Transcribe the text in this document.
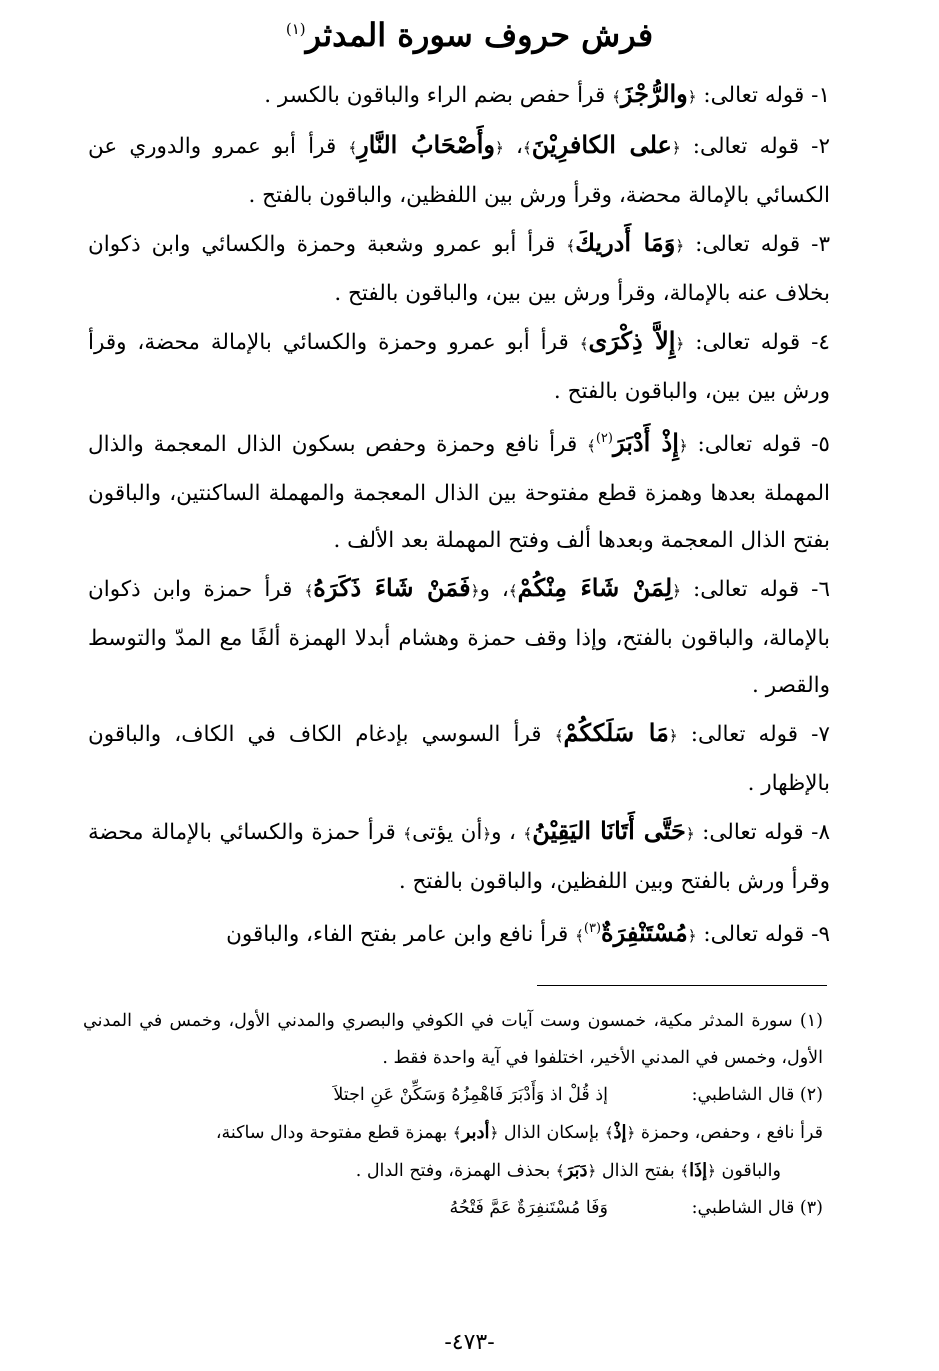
فرش حروف سورة المدثر$^{(١)}$

١- قوله تعالى: ﴿والرُّجْزَ﴾ قرأ حفص بضم الراء والباقون بالكسر .

٢- قوله تعالى: ﴿على الكافرِيْنَ﴾، ﴿وأَصْحَابُ النَّارِ﴾ قرأ أبو عمرو والدوري عن الكسائي بالإمالة محضة، وقرأ ورش بين اللفظين، والباقون بالفتح .

٣- قوله تعالى: ﴿وَمَا أَدريكَ﴾ قرأ أبو عمرو وشعبة وحمزة والكسائي وابن ذكوان بخلاف عنه بالإمالة، وقرأ ورش بين بين، والباقون بالفتح .

٤- قوله تعالى: ﴿إِلاَّ ذِكْرَى﴾ قرأ أبو عمرو وحمزة والكسائي بالإمالة محضة، وقرأ ورش بين بين، والباقون بالفتح .

٥- قوله تعالى: ﴿إِذْ أَدْبَرَ$^{(٢)}$﴾ قرأ نافع وحمزة وحفص بسكون الذال المعجمة والذال المهملة بعدها وهمزة قطع مفتوحة بين الذال المعجمة والمهملة الساكنتين، والباقون بفتح الذال المعجمة وبعدها ألف وفتح المهملة بعد الألف .

٦- قوله تعالى: ﴿لِمَنْ شَاءَ مِنْكُمْ﴾، و﴿فَمَنْ شَاءَ ذَكَرَهُ﴾ قرأ حمزة وابن ذكوان بالإمالة، والباقون بالفتح، وإذا وقف حمزة وهشام أبدلا الهمزة ألفًا مع المدّ والتوسط والقصر .

٧- قوله تعالى: ﴿مَا سَلَككُمْ﴾ قرأ السوسي بإدغام الكاف في الكاف، والباقون بالإظهار .

٨- قوله تعالى: ﴿حَتَّى أَتَانَا اليَقِيْنُ﴾ ، و﴿أن يؤتى﴾ قرأ حمزة والكسائي بالإمالة محضة وقرأ ورش بالفتح وبين اللفظين، والباقون بالفتح .

٩- قوله تعالى: ﴿مُسْتَنْفِرَةٌ$^{(٣)}$﴾ قرأ نافع وابن عامر بفتح الفاء، والباقون

(١) سورة المدثر مكية، خمسون وست آيات في الكوفي والبصري والمدني الأول، وخمس في المدني الأول، وخمس في المدني الأخير، اختلفوا في آية واحدة فقط .

(٢) قال الشاطبي:إذ قُلْ اذ وَأَدْبَرَ فَاهْمِزُهُ وَسَكِّنْ عَنِ اجتلاَ

قرأ نافع ، وحفص، وحمزة ﴿إذْ﴾ بإسكان الذال ﴿أدبر﴾ بهمزة قطع مفتوحة ودال ساكنة،

والباقون ﴿إذَا﴾ بفتح الذال ﴿دَبَرَ﴾ بحذف الهمزة، وفتح الدال .

(٣) قال الشاطبي:وَفَا مُسْتَنفِرَةٌ عَمَّ فَتْحُهُ

-٤٧٣-
